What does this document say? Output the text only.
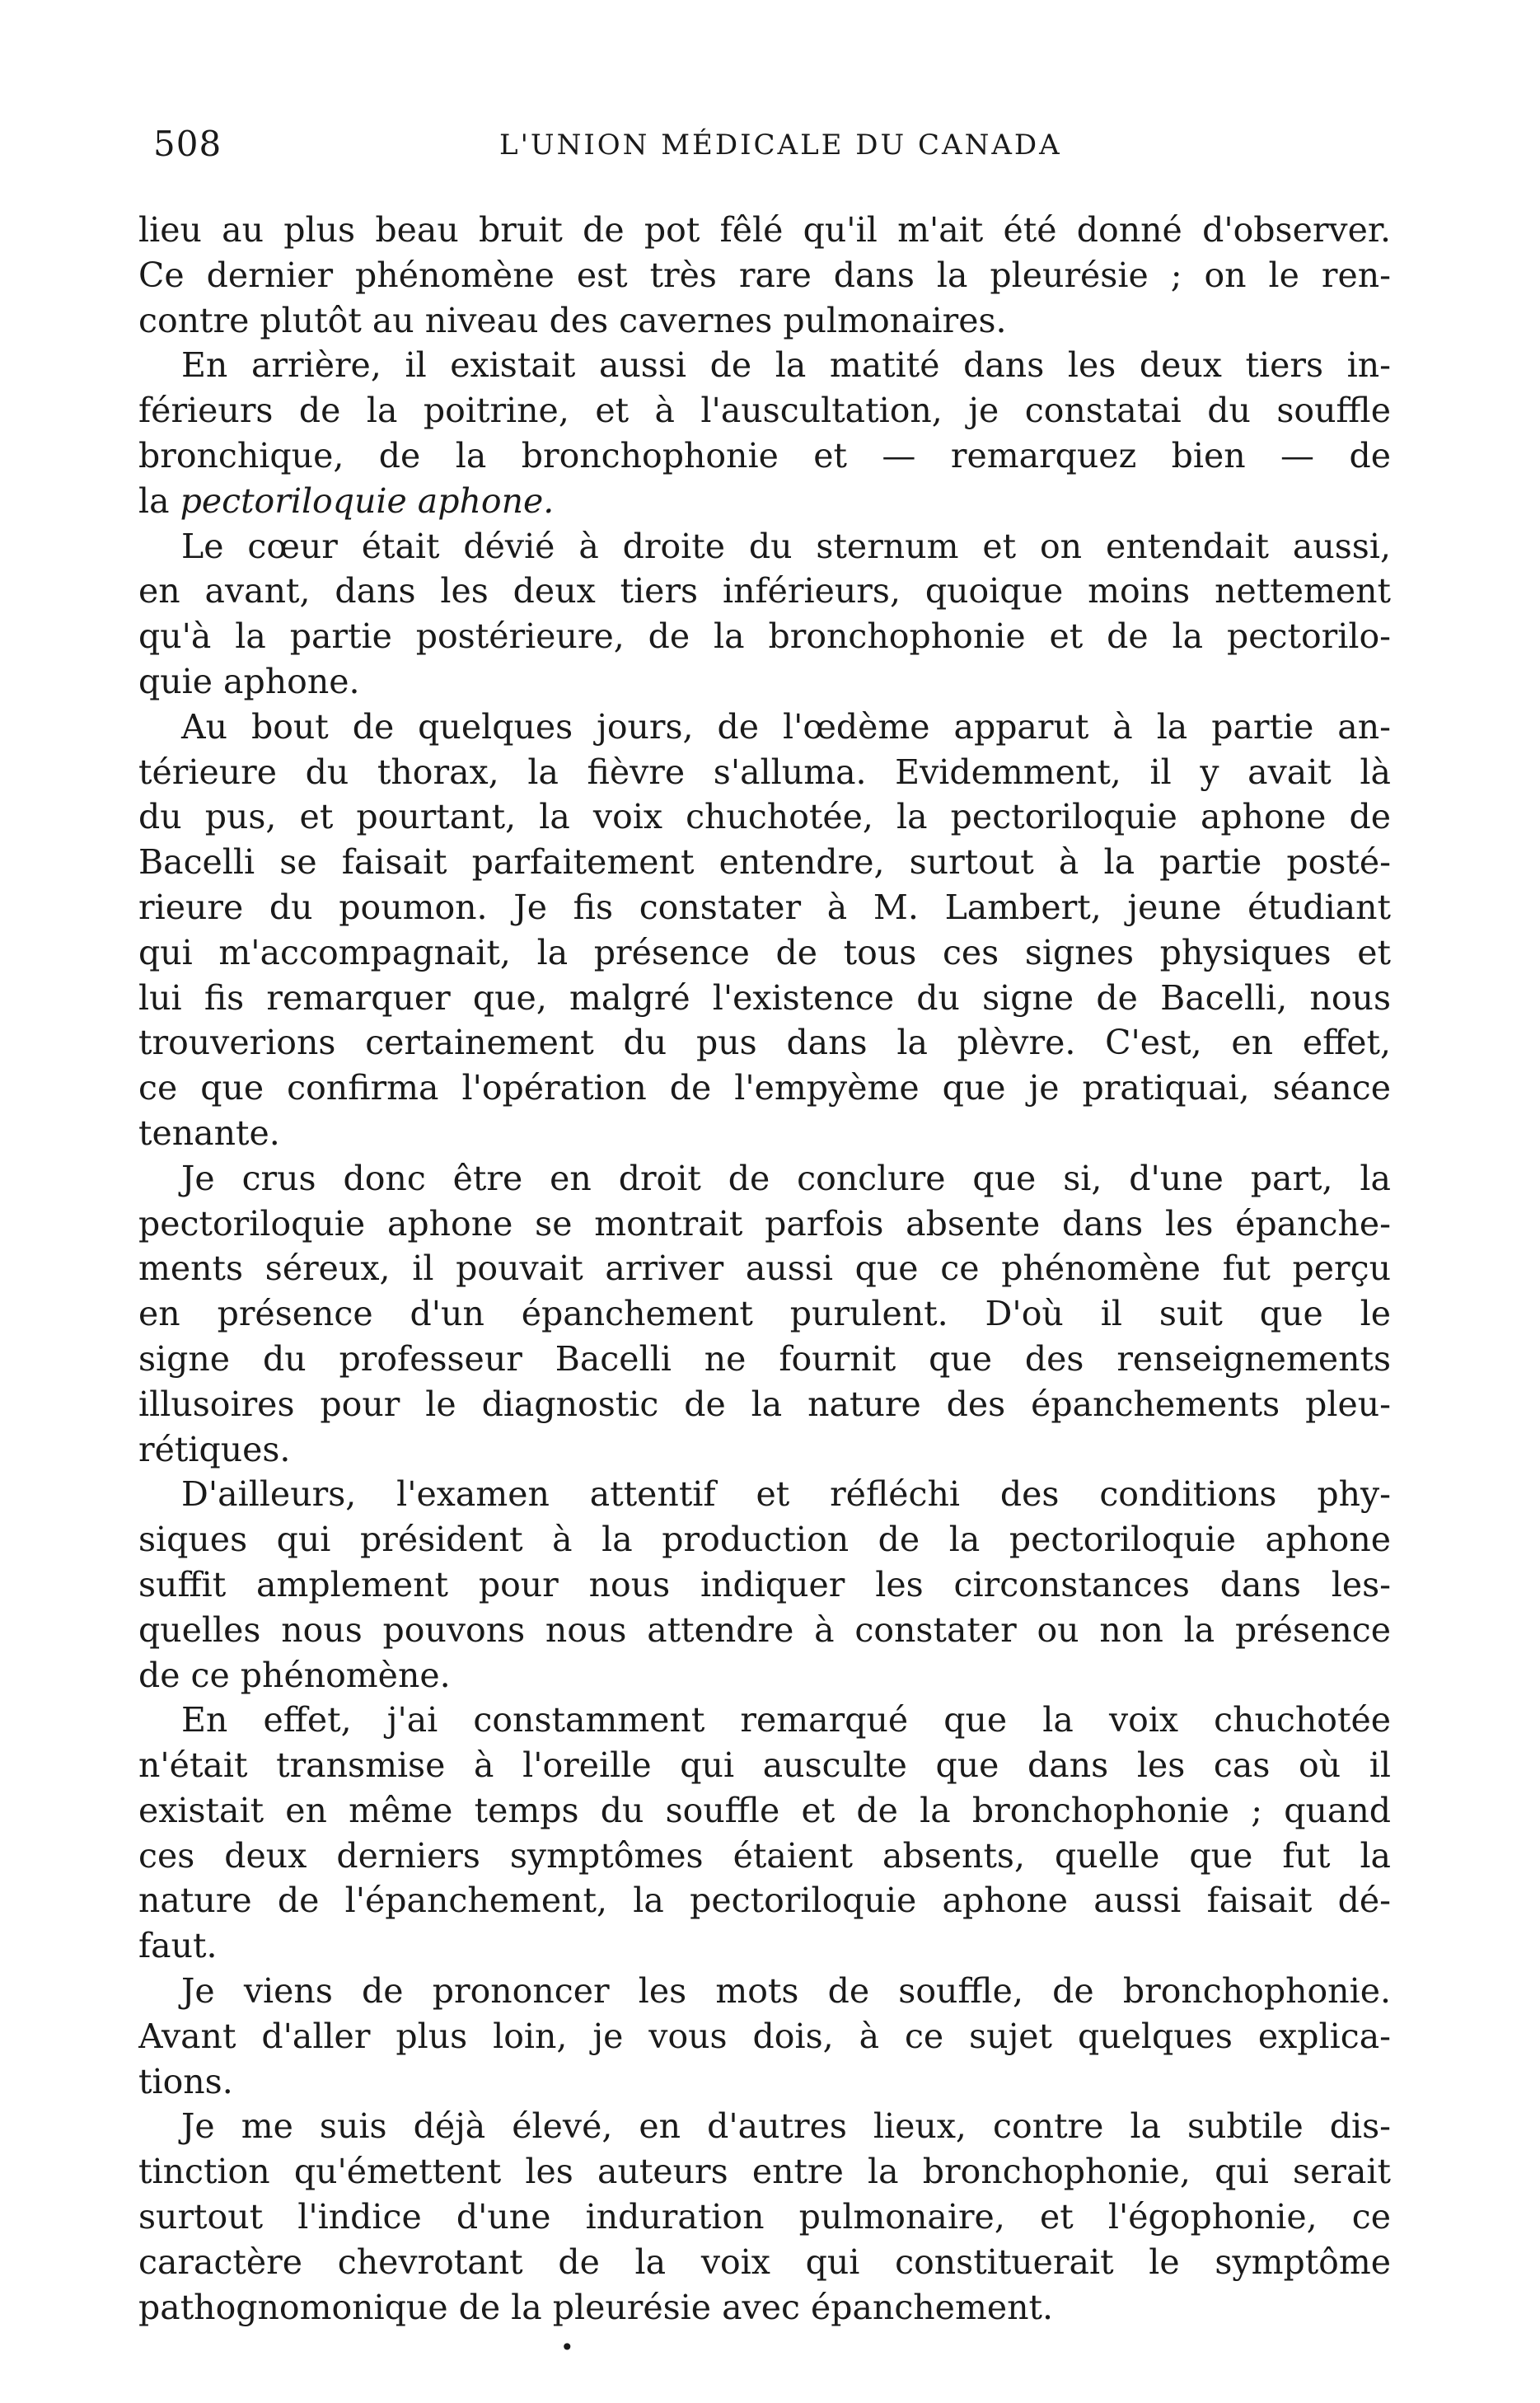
508	L'UNION MÉDICALE DU CANADA
lieu au plus beau bruit de pot fêlé qu'il m'ait été donné d'observer.
Ce dernier phénomène est très rare dans la pleurésie ; on le ren-
contre plutôt au niveau des cavernes pulmonaires.
En arrière, il existait aussi de la matité dans les deux tiers in-
férieurs de la poitrine, et à l'auscultation, je constatai du souffle
bronchique, de la bronchophonie et — remarquez bien — de
la pectoriloquie aphone.
Le cœur était dévié à droite du sternum et on entendait aussi,
en avant, dans les deux tiers inférieurs, quoique moins nettement
qu'à la partie postérieure, de la bronchophonie et de la pectorilo-
quie aphone.
Au bout de quelques jours, de l'œdème apparut à la partie an-
térieure du thorax, la fièvre s'alluma. Evidemment, il y avait là
du pus, et pourtant, la voix chuchotée, la pectoriloquie aphone de
Bacelli se faisait parfaitement entendre, surtout à la partie posté-
rieure du poumon. Je fis constater à M. Lambert, jeune étudiant
qui m'accompagnait, la présence de tous ces signes physiques et
lui fis remarquer que, malgré l'existence du signe de Bacelli, nous
trouverions certainement du pus dans la plèvre. C'est, en effet,
ce que confirma l'opération de l'empyème que je pratiquai, séance
tenante.
Je crus donc être en droit de conclure que si, d'une part, la
pectoriloquie aphone se montrait parfois absente dans les épanche-
ments séreux, il pouvait arriver aussi que ce phénomène fut perçu
en présence d'un épanchement purulent. D'où il suit que le
signe du professeur Bacelli ne fournit que des renseignements
illusoires pour le diagnostic de la nature des épanchements pleu-
rétiques.
D'ailleurs, l'examen attentif et réfléchi des conditions phy-
siques qui président à la production de la pectoriloquie aphone
suffit amplement pour nous indiquer les circonstances dans les-
quelles nous pouvons nous attendre à constater ou non la présence
de ce phénomène.
En effet, j'ai constamment remarqué que la voix chuchotée
n'était transmise à l'oreille qui ausculte que dans les cas où il
existait en même temps du souffle et de la bronchophonie ; quand
ces deux derniers symptômes étaient absents, quelle que fut la
nature de l'épanchement, la pectoriloquie aphone aussi faisait dé-
faut.
Je viens de prononcer les mots de souffle, de bronchophonie.
Avant d'aller plus loin, je vous dois, à ce sujet quelques explica-
tions.
Je me suis déjà élevé, en d'autres lieux, contre la subtile dis-
tinction qu'émettent les auteurs entre la bronchophonie, qui serait
surtout l'indice d'une induration pulmonaire, et l'égophonie, ce
caractère chevrotant de la voix qui constituerait le symptôme
pathognomonique de la pleurésie avec épanchement.
•
